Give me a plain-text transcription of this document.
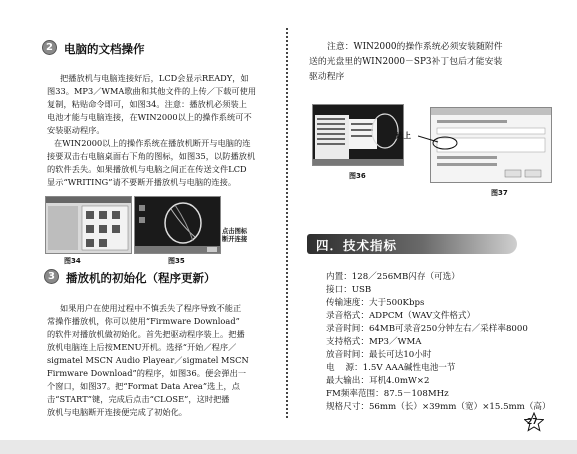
2 电脑的文档操作
把播放机与电脑连接好后，LCD会显示READY，如
图33。MP3／WMA歌曲和其他文件的上传／下载可使用
复制，粘贴命令即可，如图34。注意：播放机必须装上
电池才能与电脑连接，在WIN2000以上的操作系统可不
安装驱动程序。
在WIN2000以上的操作系统在播放机断开与电脑的连
接要双击右电脑桌面右下角的图标，如图35，以防播放机
的软件丢失。如果播放机与电脑之间正在传送文件LCD
显示“WRITING”请不要断开播放机与电脑的连接。
图34	图35
点击图标
断开连接
3 播放机的初始化（程序更新）
如果用户在使用过程中不慎丢失了程序导致不能正
常操作播放机，你可以使用“Firmware Download”
的软件对播放机做初始化。首先把驱动程序装上。把播
放机电脑连上后按MENU开机。选择“开始／程序／
sigmatel MSCN Audio Playear／sigmatel MSCN
Firmware Download”的程序，如图36。便会弹出一
个窗口，如图37。把“Format Data Area”选上，点
击“START”键，完成后点击“CLOSE”，这时把播
放机与电脑断开连接便完成了初始化。
注意：WIN2000的操作系统必须安装随附件
送的光盘里的WIN2000－SP3补丁包后才能安装
驱动程序
图36
选上
图37
四．技术指标
内置：128／256MB闪存（可选）
接口：USB
传输速度：大于500Kbps
录音格式：ADPCM（WAV文件格式）
录音时间：64MB可录音250分钟左右／采样率8000
支持格式：MP3／WMA
放音时间：最长可达10小时
电    源：1.5V AAA碱性电池一节
最大输出：耳机4.0mW×2
FM频率范围：87.5－108MHz
规格尺寸：56mm（长）×39mm（宽）×15.5mm（高）
27
